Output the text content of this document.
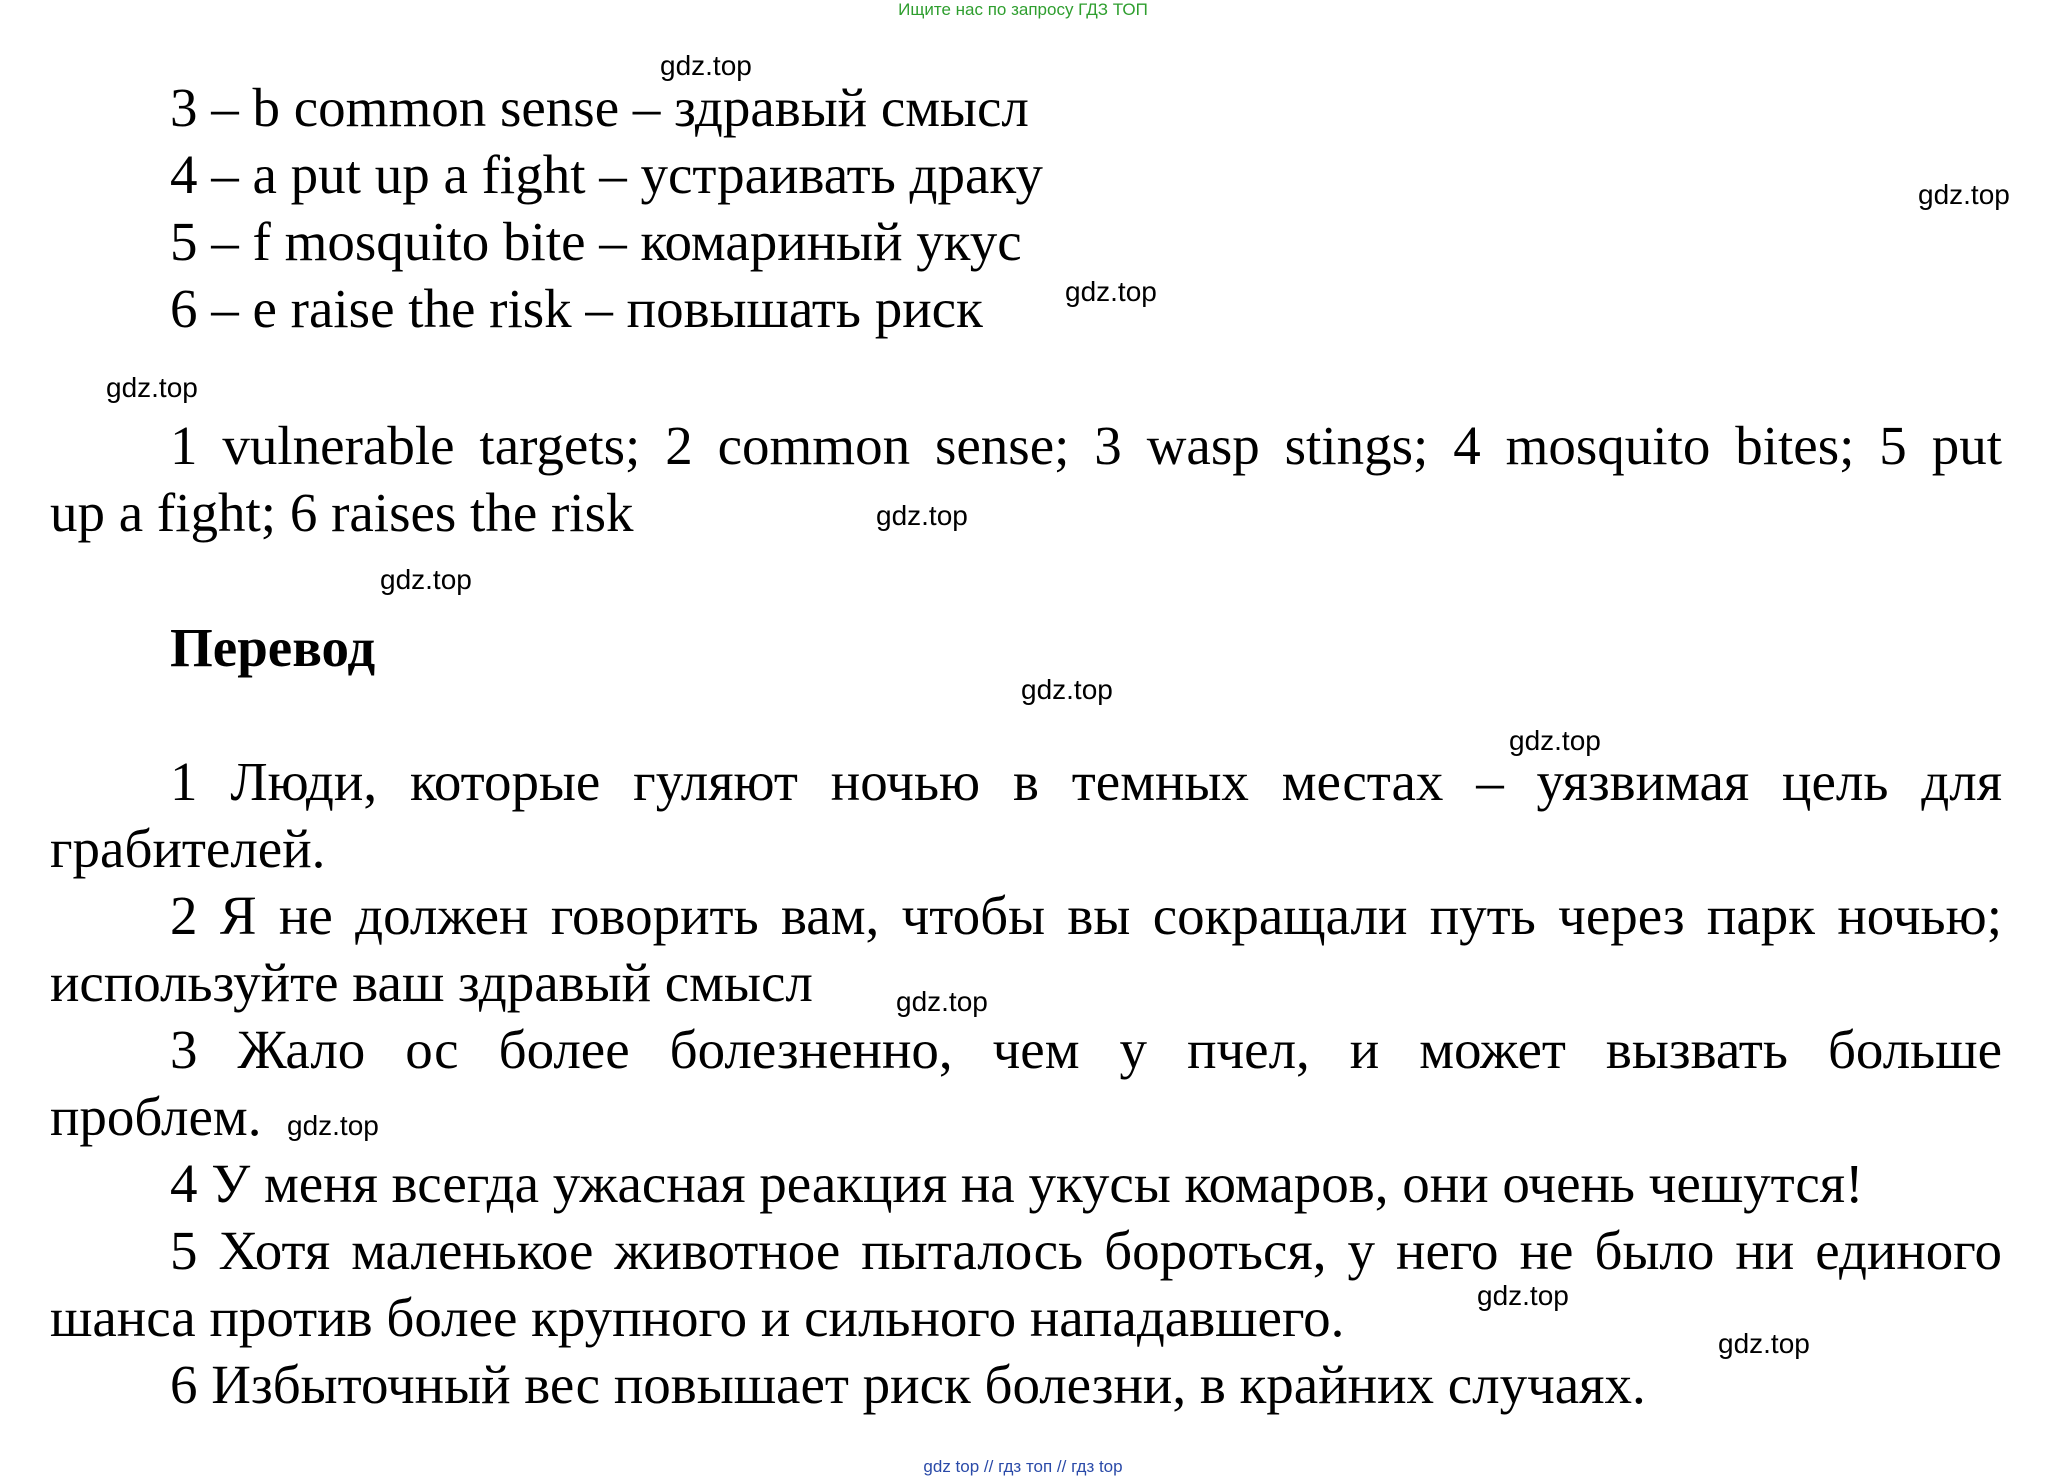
Ищите нас по запросу ГДЗ ТОП
3 – b common sense – здравый смысл
4 – a put up a fight – устраивать драку
5 – f mosquito bite – комариный укус
6 – e raise the risk – повышать риск
1 vulnerable targets; 2 common sense; 3 wasp stings; 4 mosquito bites; 5 put
up a fight; 6 raises the risk
Перевод
1 Люди, которые гуляют ночью в темных местах – уязвимая цель для
грабителей.
2 Я не должен говорить вам, чтобы вы сокращали путь через парк ночью;
используйте ваш здравый смысл
3 Жало ос более болезненно, чем у пчел, и может вызвать больше
проблем.
4 У меня всегда ужасная реакция на укусы комаров, они очень чешутся!
5 Хотя маленькое животное пыталось бороться, у него не было ни единого
шанса против более крупного и сильного нападавшего.
6 Избыточный вес повышает риск болезни, в крайних случаях.
gdz.top
gdz.top
gdz.top
gdz.top
gdz.top
gdz.top
gdz.top
gdz.top
gdz.top
gdz.top
gdz.top
gdz.top
gdz top // гдз топ // гдз top
